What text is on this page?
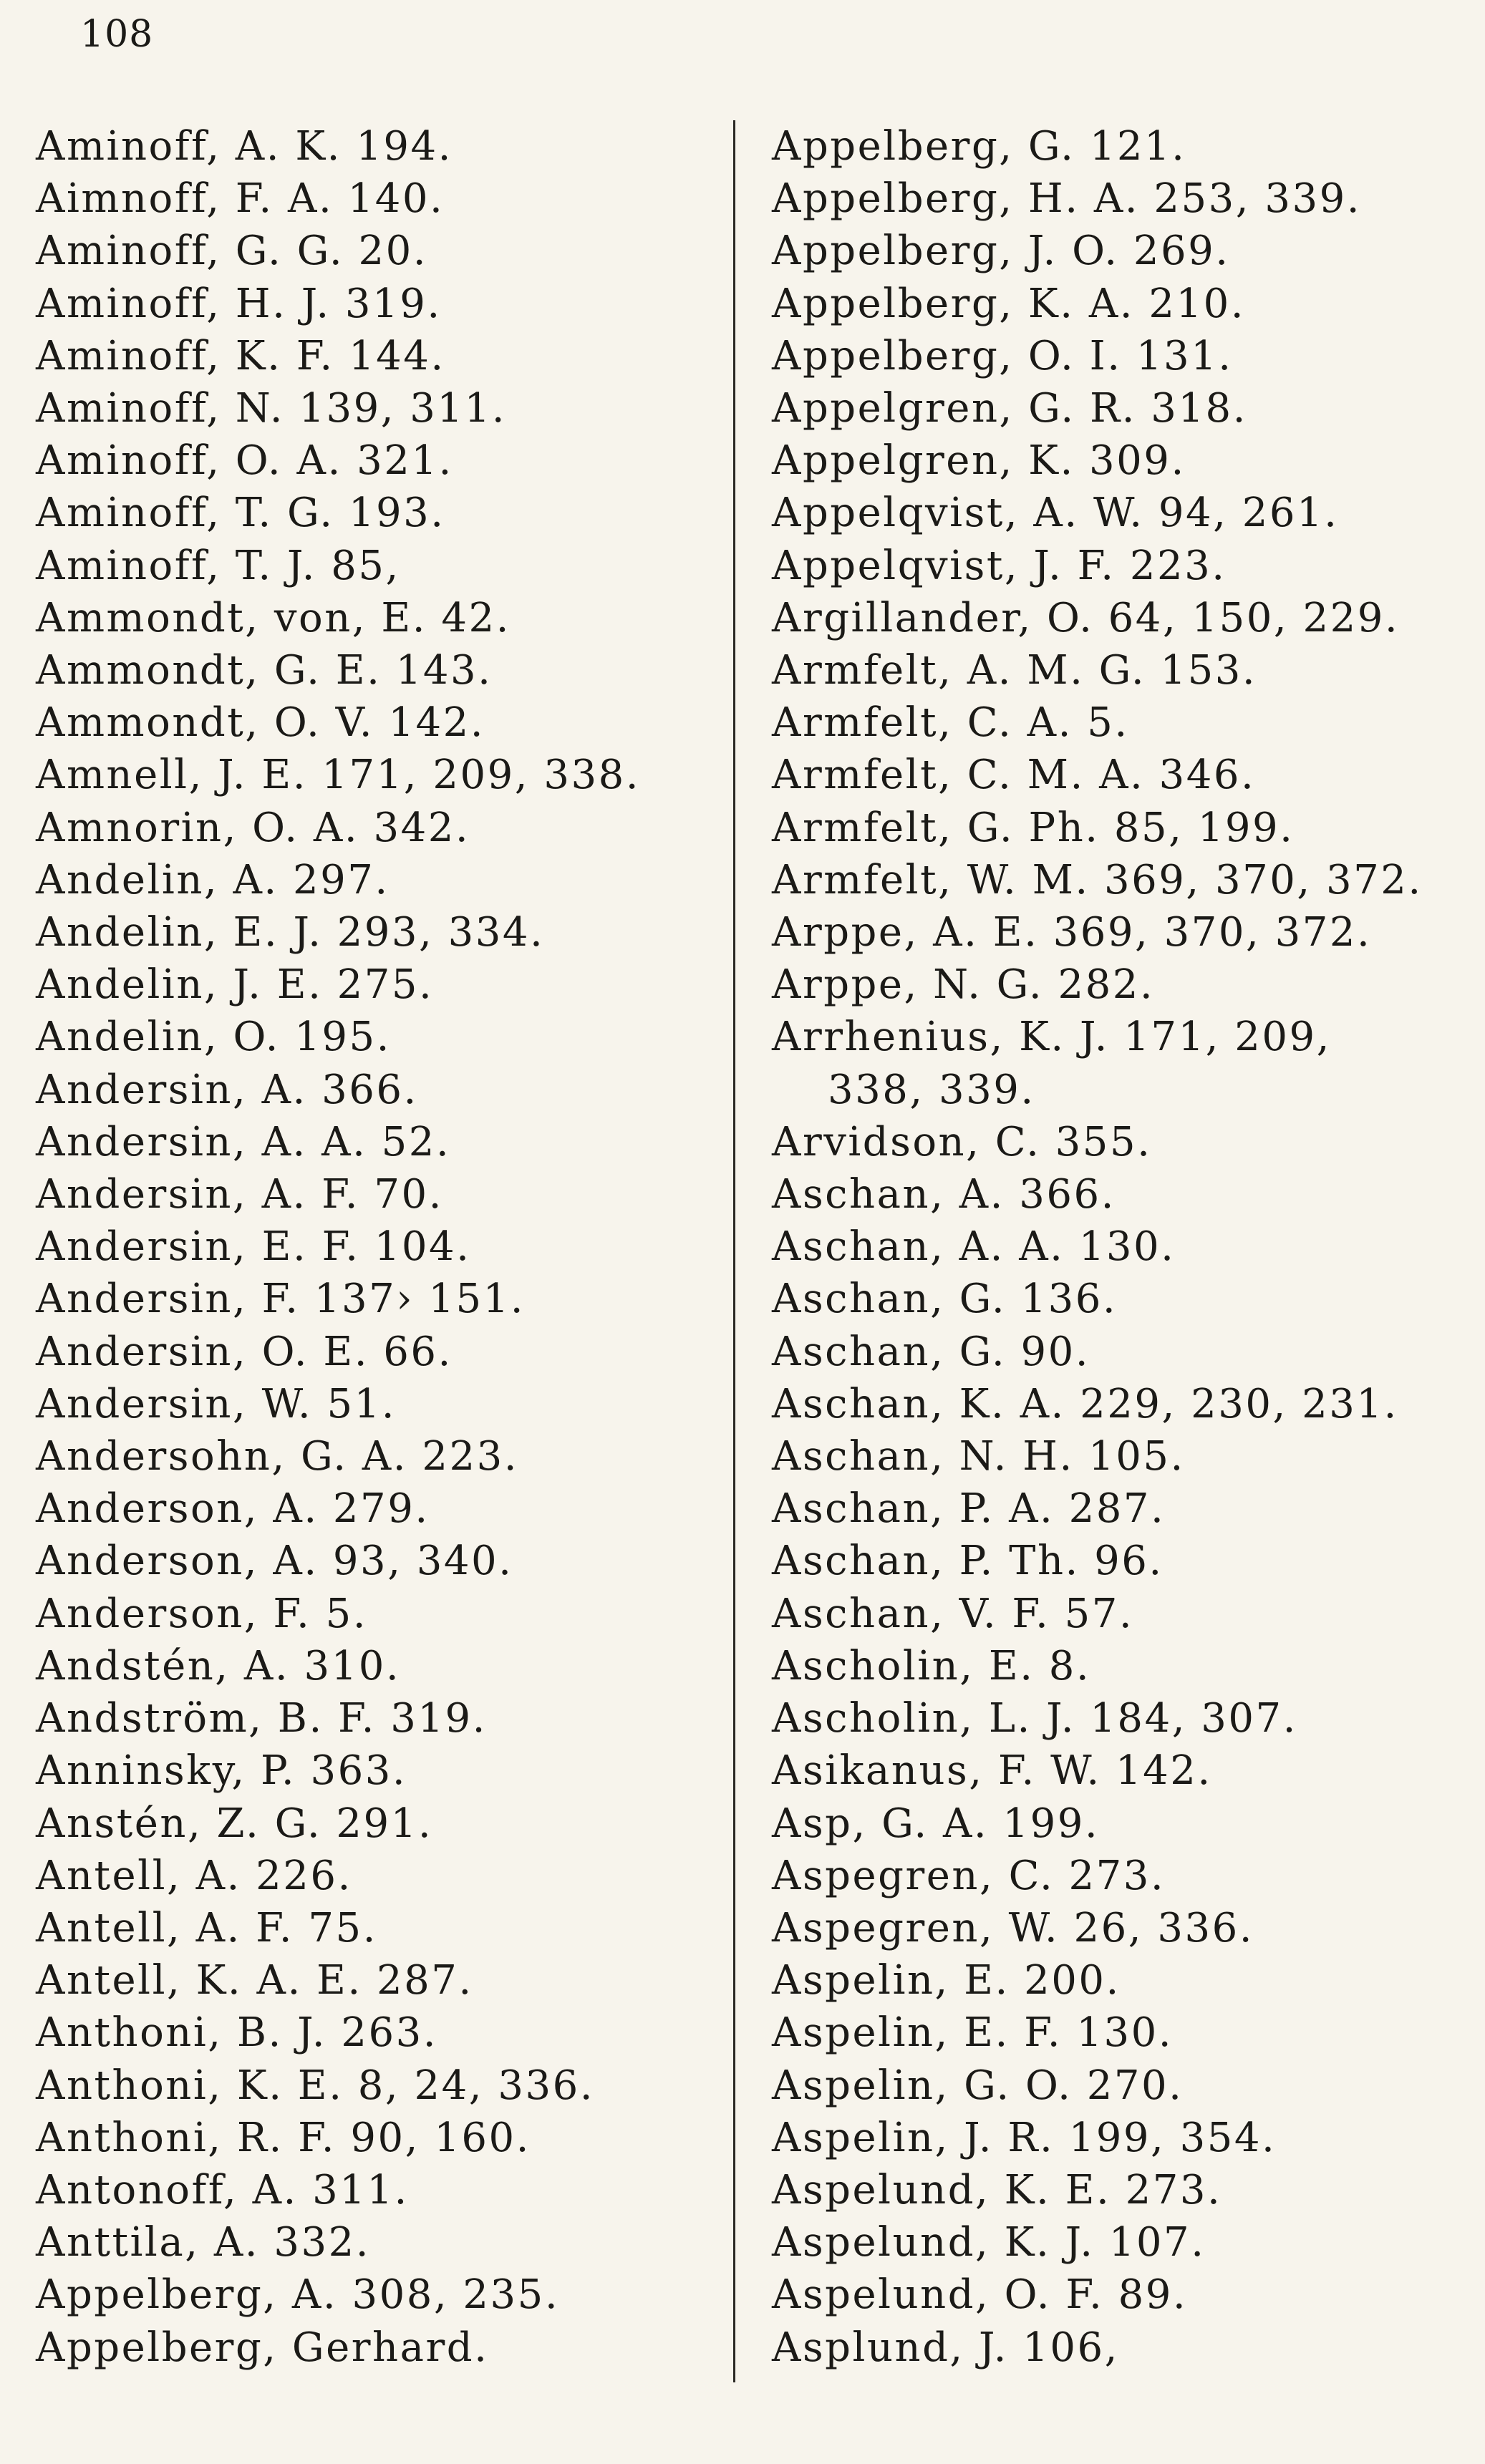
108
Aminoff, A. K. 194.
Aimnoff, F. A. 140.
Aminoff, G. G. 20.
Aminoff, H. J. 319.
Aminoff, K. F. 144.
Aminoff, N. 139, 311.
Aminoff, O. A. 321.
Aminoff, T. G. 193.
Aminoff, T. J. 85,
Ammondt, von, E. 42.
Ammondt, G. E. 143.
Ammondt, O. V. 142.
Amnell, J. E. 171, 209, 338.
Amnorin, O. A. 342.
Andelin, A. 297.
Andelin, E. J. 293, 334.
Andelin, J. E. 275.
Andelin, O. 195.
Andersin, A. 366.
Andersin, A. A. 52.
Andersin, A. F. 70.
Andersin, E. F. 104.
Andersin, F. 137› 151.
Andersin, O. E. 66.
Andersin, W. 51.
Andersohn, G. A. 223.
Anderson, A. 279.
Anderson, A. 93, 340.
Anderson, F. 5.
Andstén, A. 310.
Andström, B. F. 319.
Anninsky, P. 363.
Anstén, Z. G. 291.
Antell, A. 226.
Antell, A. F. 75.
Antell, K. A. E. 287.
Anthoni, B. J. 263.
Anthoni, K. E. 8, 24, 336.
Anthoni, R. F. 90, 160.
Antonoff, A. 311.
Anttila, A. 332.
Appelberg, A. 308, 235.
Appelberg, Gerhard.
Appelberg, G. 121.
Appelberg, H. A. 253, 339.
Appelberg, J. O. 269.
Appelberg, K. A. 210.
Appelberg, O. I. 131.
Appelgren, G. R. 318.
Appelgren, K. 309.
Appelqvist, A. W. 94, 261.
Appelqvist, J. F. 223.
Argillander, O. 64, 150, 229.
Armfelt, A. M. G. 153.
Armfelt, C. A. 5.
Armfelt, C. M. A. 346.
Armfelt, G. Ph. 85, 199.
Armfelt, W. M. 369, 370, 372.
Arppe, A. E. 369, 370, 372.
Arppe, N. G. 282.
Arrhenius, K. J. 171, 209,
338, 339.
Arvidson, C. 355.
Aschan, A. 366.
Aschan, A. A. 130.
Aschan, G. 136.
Aschan, G. 90.
Aschan, K. A. 229, 230, 231.
Aschan, N. H. 105.
Aschan, P. A. 287.
Aschan, P. Th. 96.
Aschan, V. F. 57.
Ascholin, E. 8.
Ascholin, L. J. 184, 307.
Asikanus, F. W. 142.
Asp, G. A. 199.
Aspegren, C. 273.
Aspegren, W. 26, 336.
Aspelin, E. 200.
Aspelin, E. F. 130.
Aspelin, G. O. 270.
Aspelin, J. R. 199, 354.
Aspelund, K. E. 273.
Aspelund, K. J. 107.
Aspelund, O. F. 89.
Asplund, J. 106,
